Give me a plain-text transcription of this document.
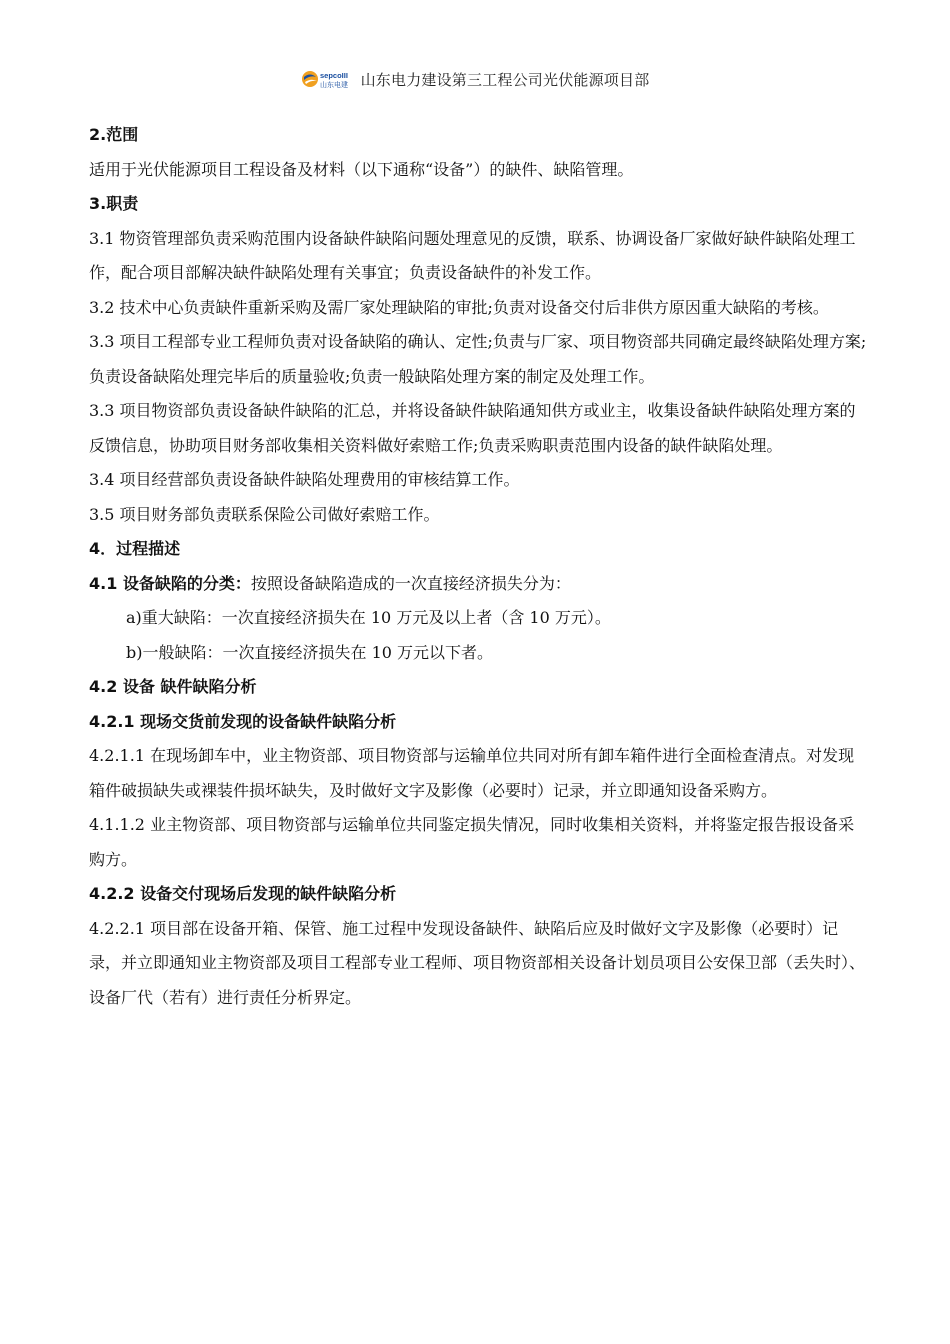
sepcoIII
山东电建 山东电力建设第三工程公司光伏能源项目部

2.范围

适用于光伏能源项目工程设备及材料（以下通称“设备”）的缺件、缺陷管理。

3.职责

3.1 物资管理部负责采购范围内设备缺件缺陷问题处理意见的反馈，联系、协调设备厂家做好缺件缺陷处理工作，配合项目部解决缺件缺陷处理有关事宜；负责设备缺件的补发工作。

3.2 技术中心负责缺件重新采购及需厂家处理缺陷的审批;负责对设备交付后非供方原因重大缺陷的考核。

3.3 项目工程部专业工程师负责对设备缺陷的确认、定性;负责与厂家、项目物资部共同确定最终缺陷处理方案;负责设备缺陷处理完毕后的质量验收;负责一般缺陷处理方案的制定及处理工作。

3.3 项目物资部负责设备缺件缺陷的汇总，并将设备缺件缺陷通知供方或业主，收集设备缺件缺陷处理方案的反馈信息，协助项目财务部收集相关资料做好索赔工作;负责采购职责范围内设备的缺件缺陷处理。

3.4 项目经营部负责设备缺件缺陷处理费用的审核结算工作。

3.5 项目财务部负责联系保险公司做好索赔工作。

4．过程描述

4.1 设备缺陷的分类：按照设备缺陷造成的一次直接经济损失分为：

a)重大缺陷：一次直接经济损失在 10 万元及以上者（含 10 万元）。

b)一般缺陷：一次直接经济损失在 10 万元以下者。

4.2 设备 缺件缺陷分析

4.2.1 现场交货前发现的设备缺件缺陷分析

4.2.1.1 在现场卸车中，业主物资部、项目物资部与运输单位共同对所有卸车箱件进行全面检查清点。对发现箱件破损缺失或裸装件损坏缺失，及时做好文字及影像（必要时）记录，并立即通知设备采购方。

4.1.1.2 业主物资部、项目物资部与运输单位共同鉴定损失情况，同时收集相关资料，并将鉴定报告报设备采购方。

4.2.2 设备交付现场后发现的缺件缺陷分析

4.2.2.1 项目部在设备开箱、保管、施工过程中发现设备缺件、缺陷后应及时做好文字及影像（必要时）记录，并立即通知业主物资部及项目工程部专业工程师、项目物资部相关设备计划员项目公安保卫部（丢失时）、设备厂代（若有）进行责任分析界定。
